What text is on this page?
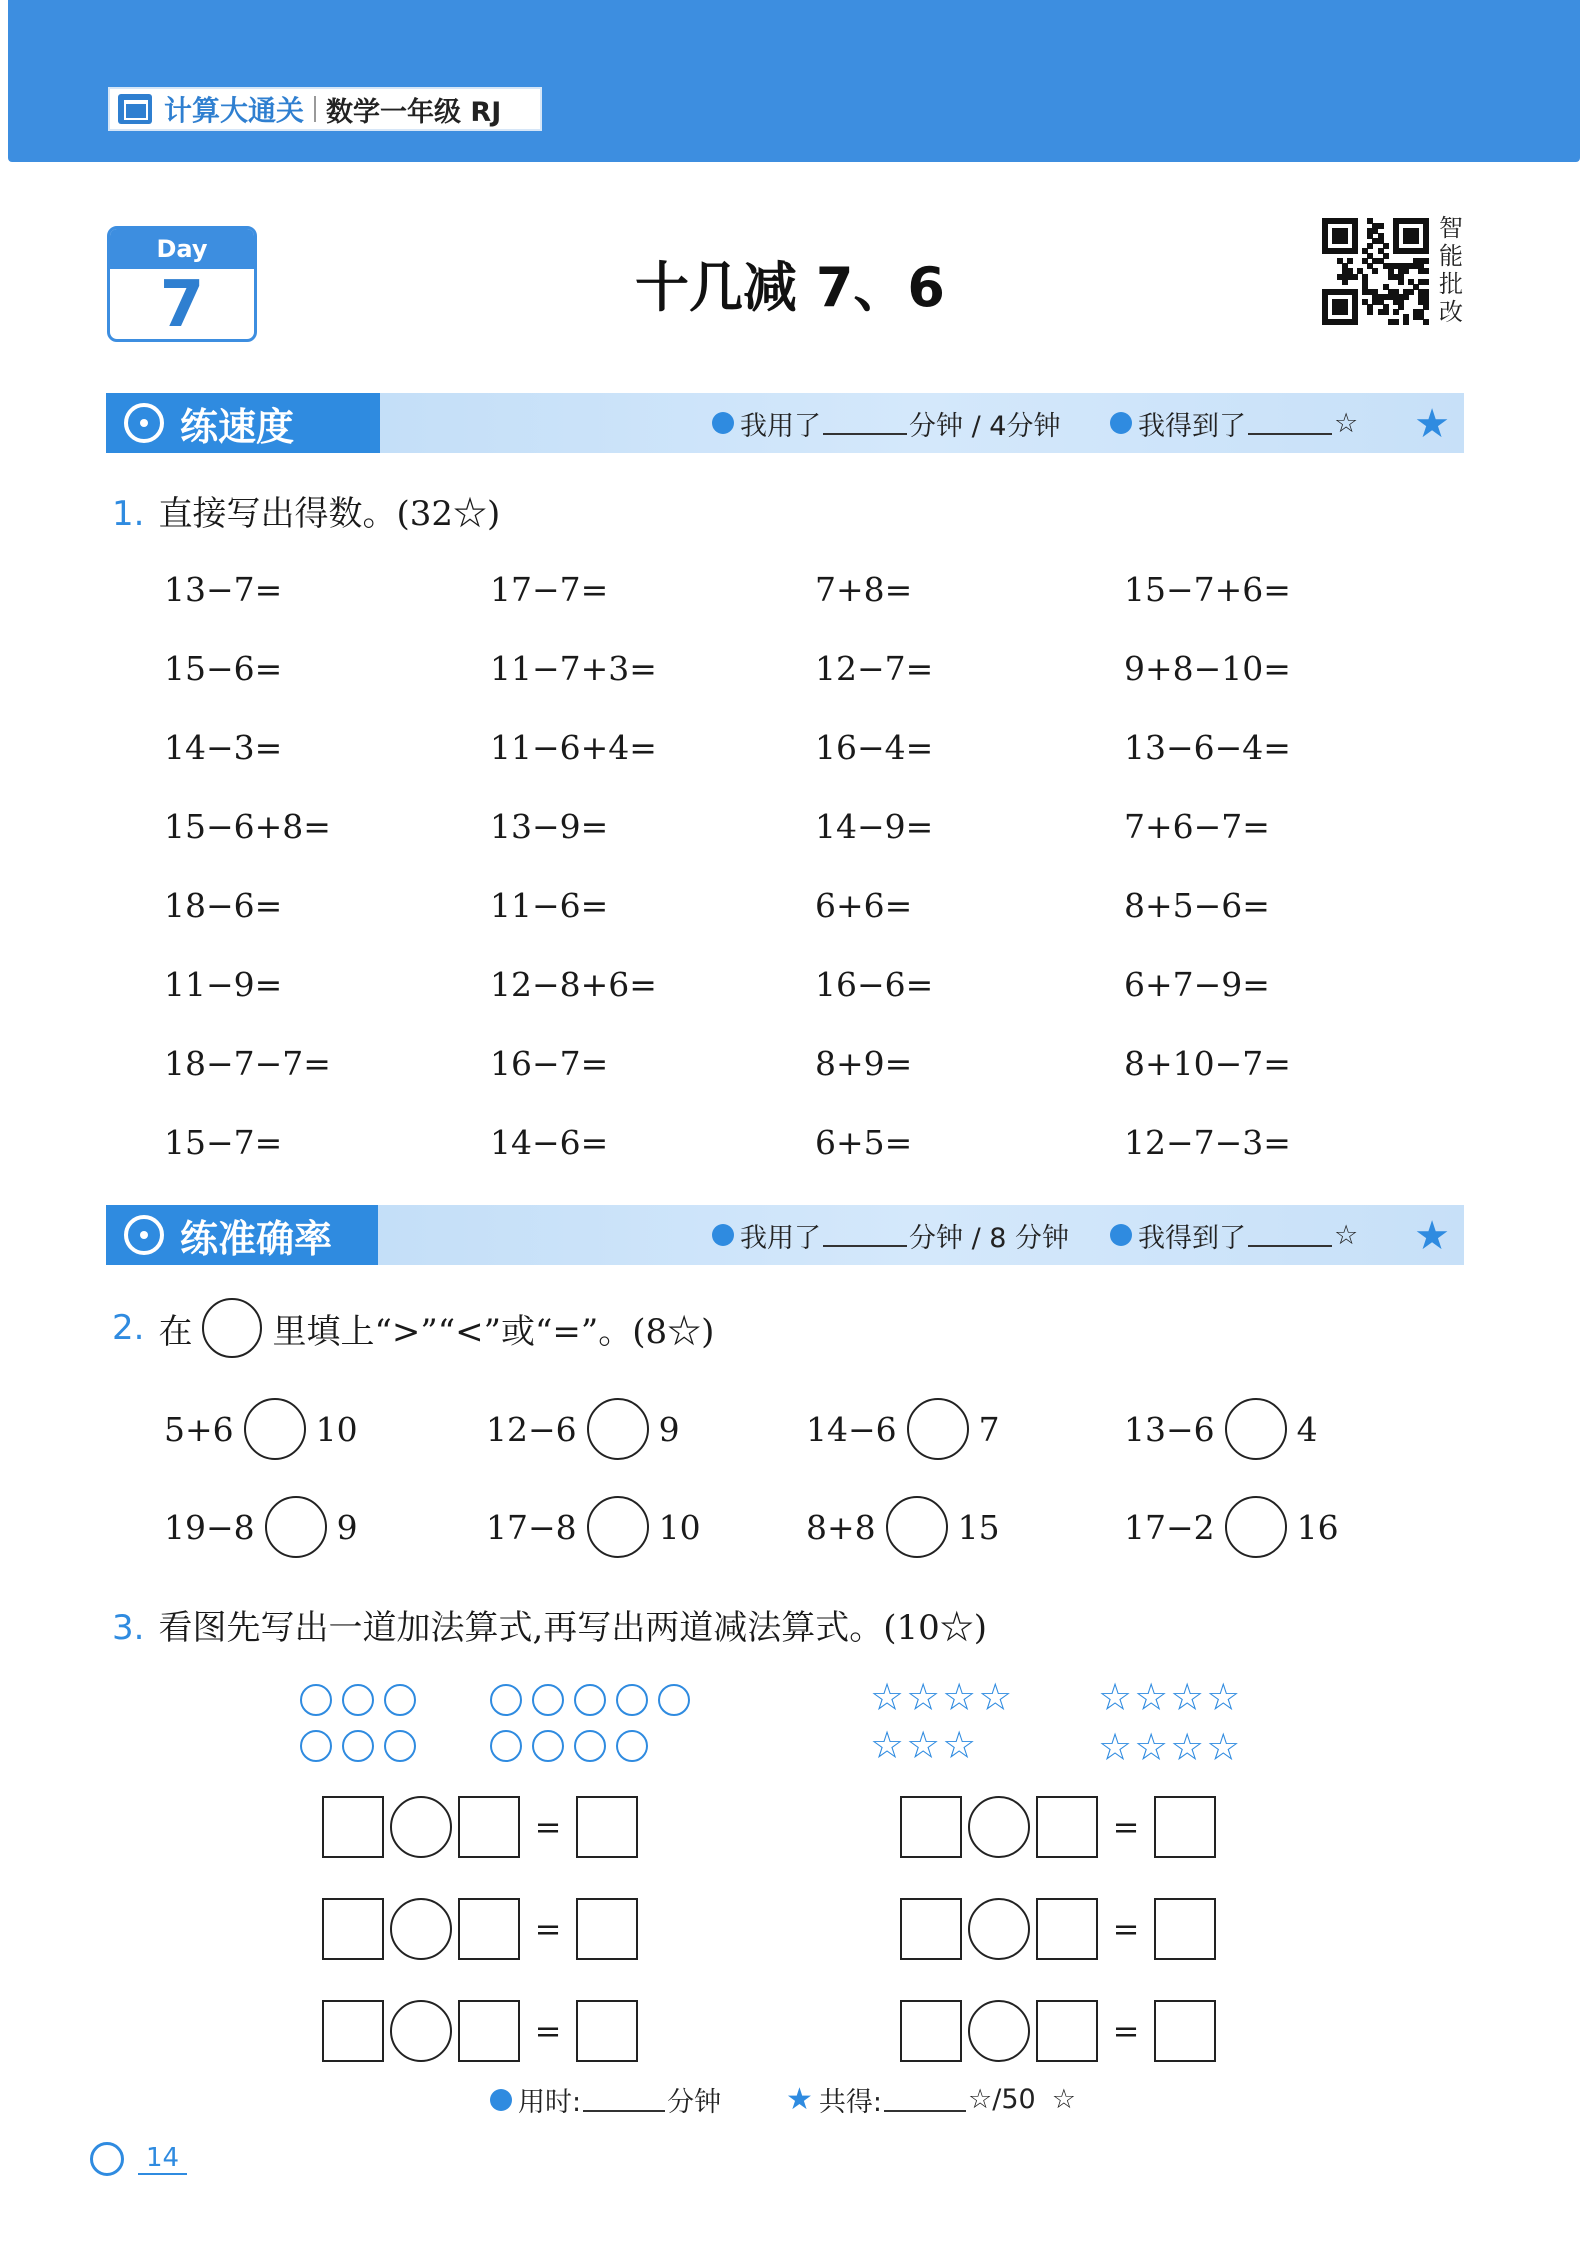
计算大通关 数学一年级 RJ
Day
7	十几减 7、6
智
能
批
改
练速度	我用了	分钟 / 4分钟	我得到了	☆ ★
1. 直接写出得数。(32☆)
13−7=	17−7=	7+8=	15−7+6=
15−6=	11−7+3=	12−7=	9+8−10=
14−3=	11−6+4=	16−4=	13−6−4=
15−6+8=	13−9=	14−9=	7+6−7=
18−6=	11−6=	6+6=	8+5−6=
11−9=	12−8+6=	16−6=	6+7−9=
18−7−7=	16−7=	8+9=	8+10−7=
15−7=	14−6=	6+5=	12−7−3=
练准确率	我用了	分钟 / 8 分钟	我得到了	☆ ★
2. 在 里填上“>”“<”或“=”。(8☆)
5+6 10	12−6 9	14−6 7	13−6 4
19−8 9	17−8 10	8+8 15	17−2 16
3. 看图先写出一道加法算式,再写出两道减法算式。(10☆)
☆☆☆☆
☆☆☆
☆☆☆☆
☆☆☆☆
=
=
=
=
=
=
用时:	分钟 ★ 共得:	☆/50 ☆
14
